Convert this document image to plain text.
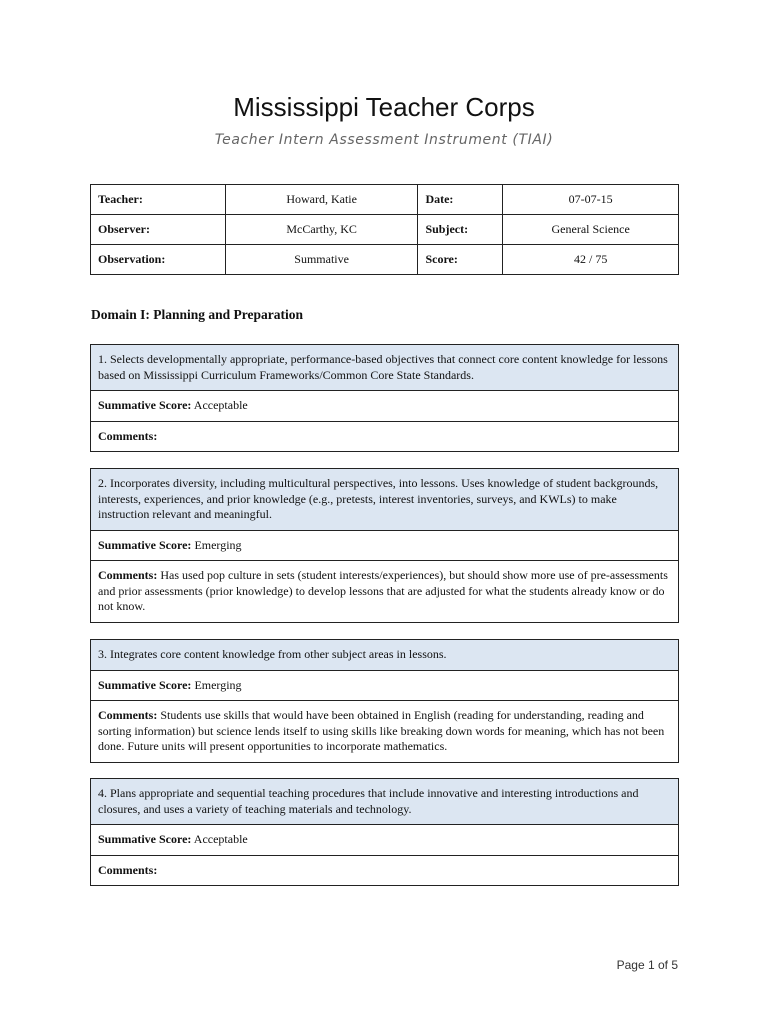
Mississippi Teacher Corps
Teacher Intern Assessment Instrument (TIAI)
Teacher:	Howard, Katie	Date:	07-07-15
Observer:	McCarthy, KC	Subject:	General Science
Observation:	Summative	Score:	42 / 75
Domain I: Planning and Preparation
1. Selects developmentally appropriate, performance-based objectives that connect core content knowledge for lessons based on Mississippi Curriculum Frameworks/Common Core State Standards.
Summative Score: Acceptable
Comments:
2. Incorporates diversity, including multicultural perspectives, into lessons. Uses knowledge of student backgrounds, interests, experiences, and prior knowledge (e.g., pretests, interest inventories, surveys, and KWLs) to make instruction relevant and meaningful.
Summative Score: Emerging
Comments: Has used pop culture in sets (student interests/experiences), but should show more use of pre-assessments and prior assessments (prior knowledge) to develop lessons that are adjusted for what the students already know or do not know.
3. Integrates core content knowledge from other subject areas in lessons.
Summative Score: Emerging
Comments: Students use skills that would have been obtained in English (reading for understanding, reading and sorting information) but science lends itself to using skills like breaking down words for meaning, which has not been done. Future units will present opportunities to incorporate mathematics.
4. Plans appropriate and sequential teaching procedures that include innovative and interesting introductions and closures, and uses a variety of teaching materials and technology.
Summative Score: Acceptable
Comments:
Page 1 of 5
